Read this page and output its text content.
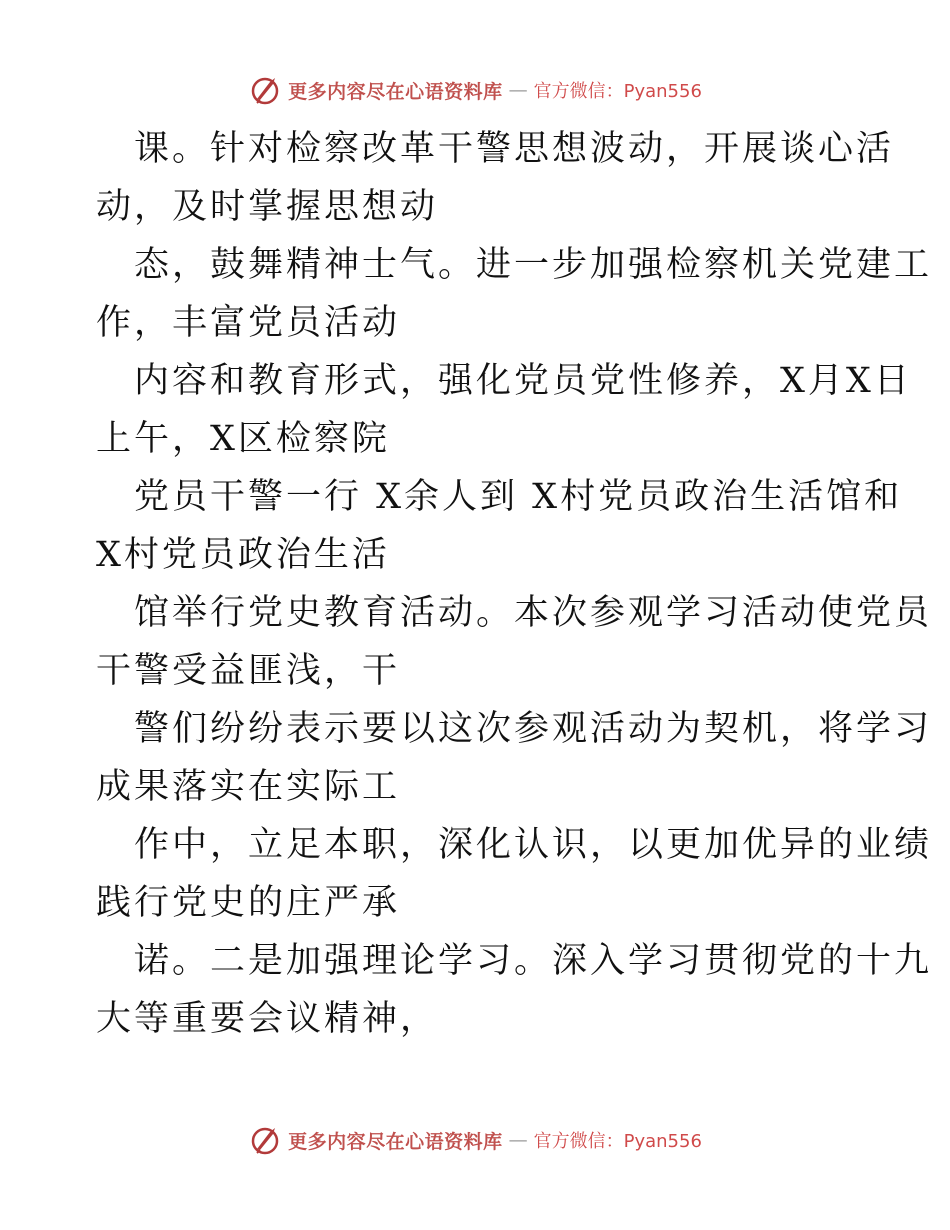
更多内容尽在心语资料库 — 官方微信：Pyan556
课。针对检察改革干警思想波动，开展谈心活
动，及时掌握思想动
态，鼓舞精神士气。进一步加强检察机关党建工
作，丰富党员活动
内容和教育形式，强化党员党性修养，X月X日
上午，X区检察院
党员干警一行 X余人到 X村党员政治生活馆和
X村党员政治生活
馆举行党史教育活动。本次参观学习活动使党员
干警受益匪浅，干
警们纷纷表示要以这次参观活动为契机，将学习
成果落实在实际工
作中，立足本职，深化认识，以更加优异的业绩
践行党史的庄严承
诺。二是加强理论学习。深入学习贯彻党的十九
大等重要会议精神，
更多内容尽在心语资料库 — 官方微信：Pyan556
